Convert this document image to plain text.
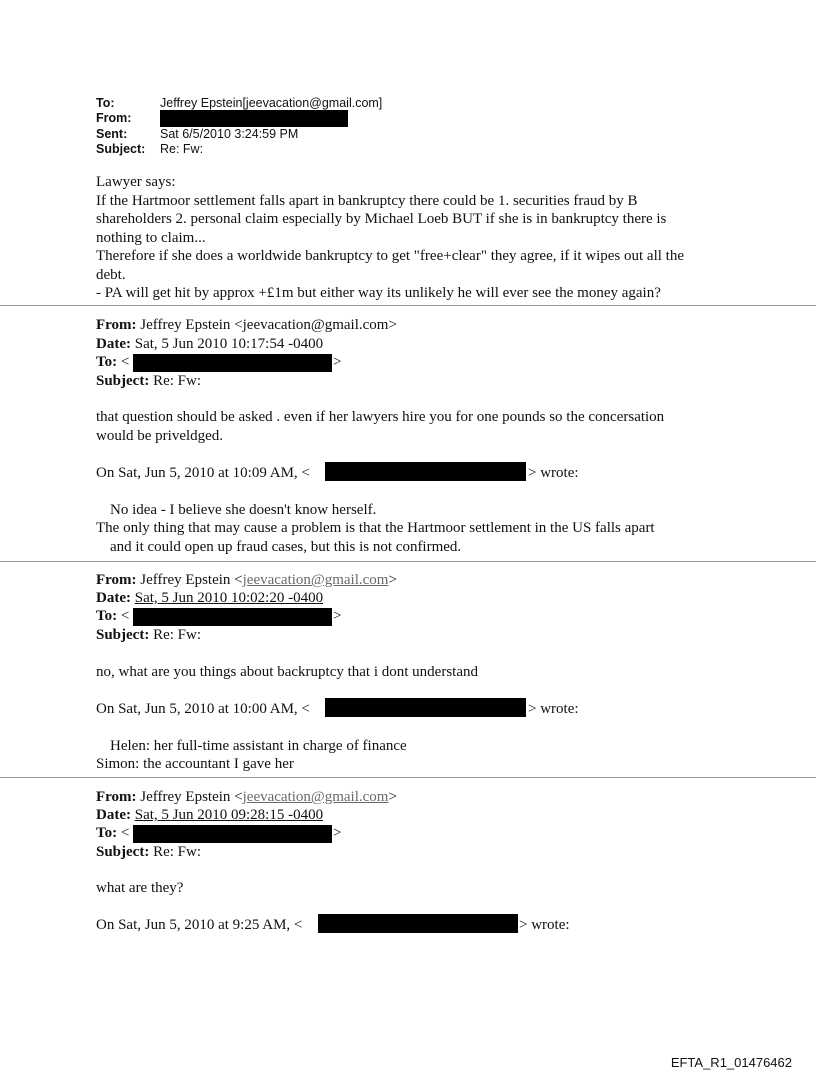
To:	Jeffrey Epstein[jeevacation@gmail.com]
From:
Sent:	Sat 6/5/2010 3:24:59 PM
Subject: Re: Fw:
Lawyer says:
If the Hartmoor settlement falls apart in bankruptcy there could be 1. securities fraud by B
shareholders 2. personal claim especially by Michael Loeb BUT if she is in bankruptcy there is
nothing to claim...
Therefore if she does a worldwide bankruptcy to get "free+clear" they agree, if it wipes out all the
debt.
- PA will get hit by approx +£1m but either way its unlikely he will ever see the money again?
From: Jeffrey Epstein <jeevacation@gmail.com>
Date: Sat, 5 Jun 2010 10:17:54 -0400
To: <	>
Subject: Re: Fw:
that question should be asked . even if her lawyers hire you for one pounds so the concersation
would be priveldged.
On Sat, Jun 5, 2010 at 10:09 AM, <	> wrote:
No idea - I believe she doesn't know herself.
The only thing that may cause a problem is that the Hartmoor settlement in the US falls apart
and it could open up fraud cases, but this is not confirmed.
From: Jeffrey Epstein <jeevacation@gmail.com>
Date: Sat, 5 Jun 2010 10:02:20 -0400
To: <	>
Subject: Re: Fw:
no, what are you things about backruptcy that i dont understand
On Sat, Jun 5, 2010 at 10:00 AM, <	> wrote:
Helen: her full-time assistant in charge of finance
Simon: the accountant I gave her
From: Jeffrey Epstein <jeevacation@gmail.com>
Date: Sat, 5 Jun 2010 09:28:15 -0400
To: <	>
Subject: Re: Fw:
what are they?
On Sat, Jun 5, 2010 at 9:25 AM, <	> wrote:
EFTA_R1_01476462
